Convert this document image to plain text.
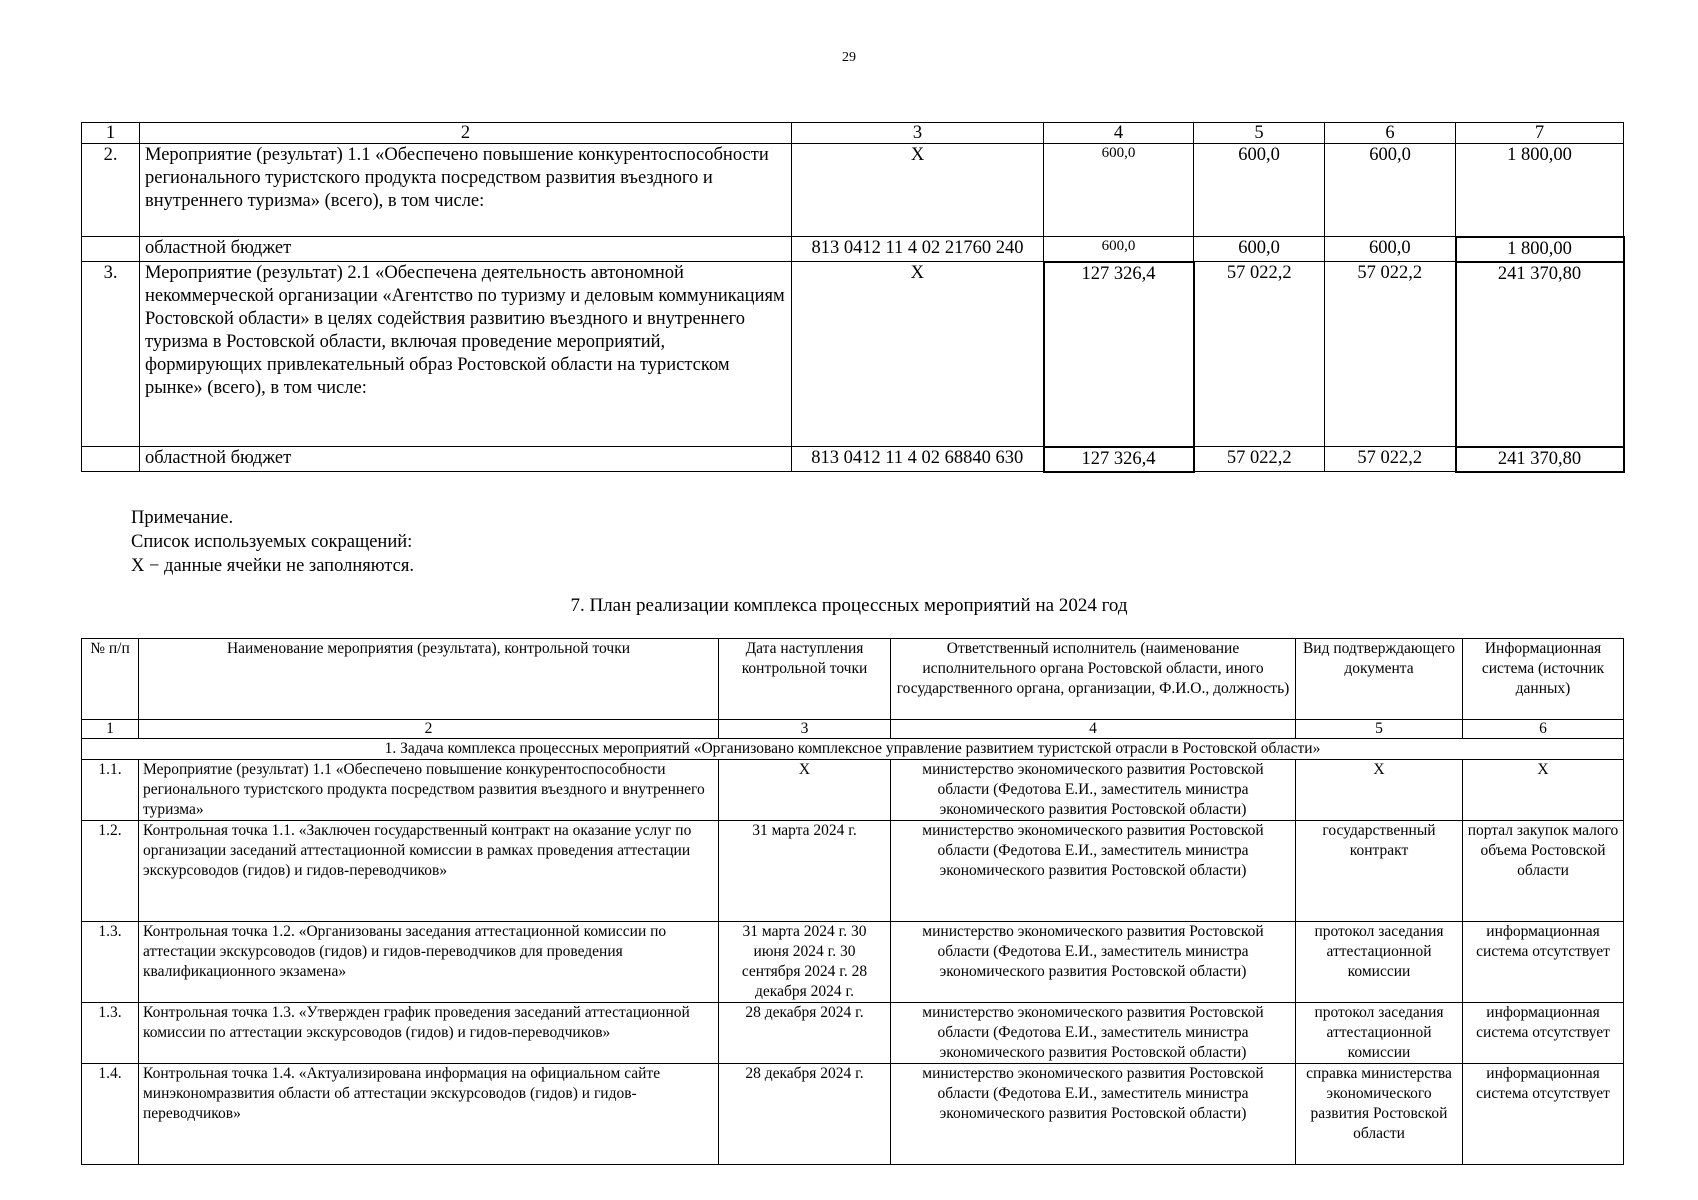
29
1	2	3	4	5	6	7
2.	Мероприятие (результат) 1.1 «Обеспечено повышение конкурентоспособности регионального туристского продукта посредством развития въездного и внутреннего туризма» (всего), в том числе:	X	600,0	600,0	600,0	1 800,00
	областной бюджет	813 0412 11 4 02 21760 240	600,0	600,0	600,0	1 800,00
3.	Мероприятие (результат) 2.1 «Обеспечена деятельность автономной некоммерческой организации «Агентство по туризму и деловым коммуникациям Ростовской области» в целях содействия развитию въездного и внутреннего туризма в Ростовской области, включая проведение мероприятий, формирующих привлекательный образ Ростовской области на туристском рынке» (всего), в том числе:	X	127 326,4	57 022,2	57 022,2	241 370,80
	областной бюджет	813 0412 11 4 02 68840 630	127 326,4	57 022,2	57 022,2	241 370,80
Примечание.
Список используемых сокращений:
X − данные ячейки не заполняются.
7. План реализации комплекса процессных мероприятий на 2024 год
№ п/п	Наименование мероприятия (результата), контрольной точки	Дата наступления контрольной точки	Ответственный исполнитель (наименование исполнительного органа Ростовской области, иного государственного органа, организации, Ф.И.О., должность)	Вид подтверждающего документа	Информационная система (источник данных)
1	2	3	4	5	6
1. Задача комплекса процессных мероприятий «Организовано комплексное управление развитием туристской отрасли в Ростовской области»					
1.1.	Мероприятие (результат) 1.1 «Обеспечено повышение конкурентоспособности регионального туристского продукта посредством развития въездного и внутреннего туризма»	X	министерство экономического развития Ростовской области (Федотова Е.И., заместитель министра экономического развития Ростовской области)	X	X
1.2.	Контрольная точка 1.1. «Заключен государственный контракт на оказание услуг по организации заседаний аттестационной комиссии в рамках проведения аттестации экскурсоводов (гидов) и гидов-переводчиков»	31 марта 2024 г.	министерство экономического развития Ростовской области (Федотова Е.И., заместитель министра экономического развития Ростовской области)	государственный контракт	портал закупок малого объема Ростовской области
1.3.	Контрольная точка 1.2. «Организованы заседания аттестационной комиссии по аттестации экскурсоводов (гидов) и гидов-переводчиков для проведения квалификационного экзамена»	31 марта 2024 г. 30 июня 2024 г. 30 сентября 2024 г. 28 декабря 2024 г.	министерство экономического развития Ростовской области (Федотова Е.И., заместитель министра экономического развития Ростовской области)	протокол заседания аттестационной комиссии	информационная система отсутствует
1.3.	Контрольная точка 1.3. «Утвержден график проведения заседаний аттестационной комиссии по аттестации экскурсоводов (гидов) и гидов-переводчиков»	28 декабря 2024 г.	министерство экономического развития Ростовской области (Федотова Е.И., заместитель министра экономического развития Ростовской области)	протокол заседания аттестационной комиссии	информационная система отсутствует
1.4.	Контрольная точка 1.4. «Актуализирована информация на официальном сайте минэкономразвития области об аттестации экскурсоводов (гидов) и гидов-переводчиков»	28 декабря 2024 г.	министерство экономического развития Ростовской области (Федотова Е.И., заместитель министра экономического развития Ростовской области)	справка министерства экономического развития Ростовской области	информационная система отсутствует
